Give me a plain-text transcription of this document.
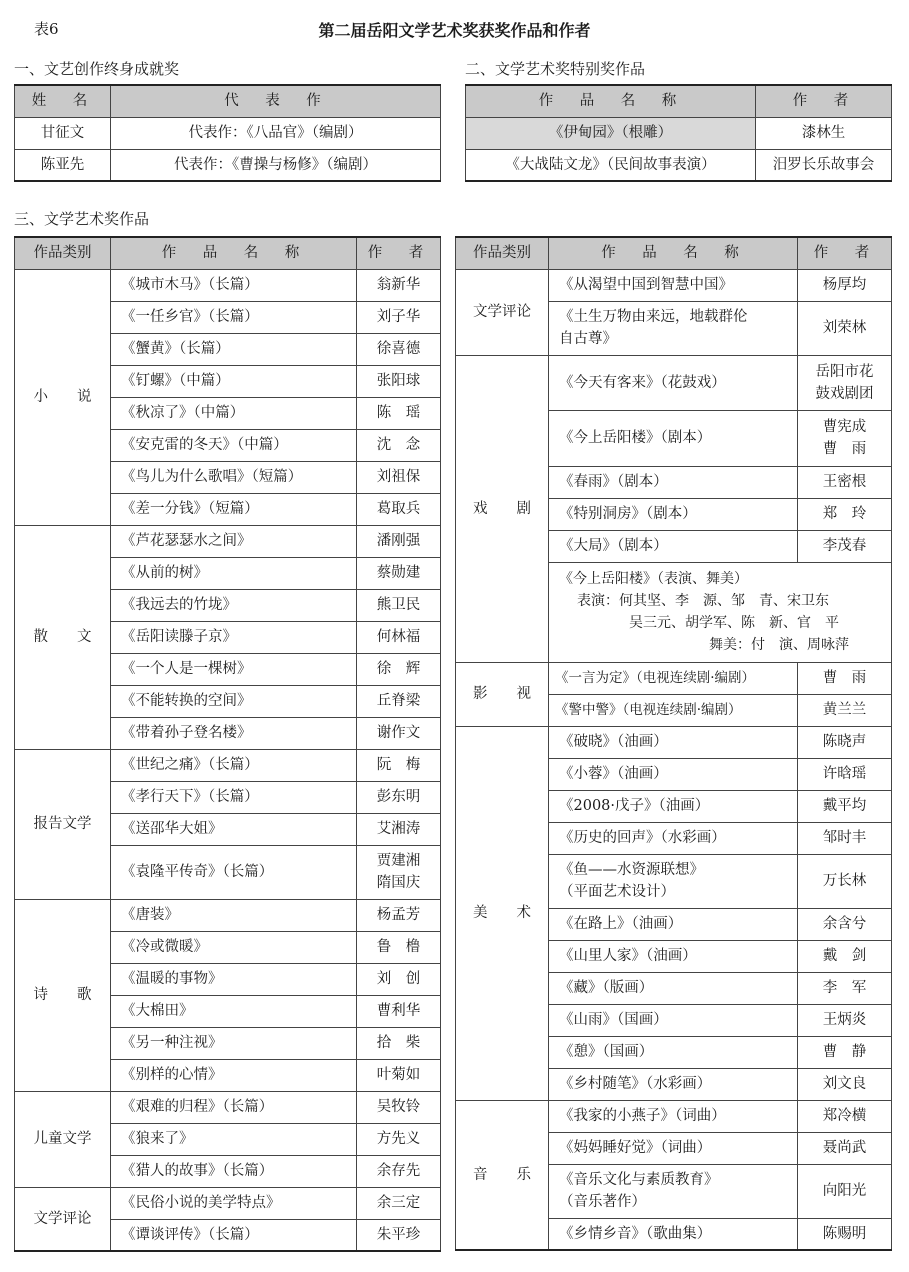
表6	第二届岳阳文学艺术奖获奖作品和作者
一、文艺创作终身成就奖
姓　名	代　表　作
甘征文	代表作：《八品官》（编剧）
陈亚先	代表作：《曹操与杨修》（编剧）
二、文学艺术奖特别奖作品
作　品　名　称	作　者
《伊甸园》（根雕）	漆林生
《大战陆文龙》（民间故事表演）	汨罗长乐故事会
三、文学艺术奖作品
作品类别	作　品　名　称	作　者
小　　说	《城市木马》（长篇）	翁新华
	《一任乡官》（长篇）	刘子华
	《蟹黄》（长篇）	徐喜德
	《钉螺》（中篇）	张阳球
	《秋凉了》（中篇）	陈　瑶
	《安克雷的冬天》（中篇）	沈　念
	《鸟儿为什么歌唱》（短篇）	刘祖保
	《差一分钱》（短篇）	葛取兵
散　　文	《芦花瑟瑟水之间》	潘刚强
	《从前的树》	蔡勋建
	《我远去的竹垅》	熊卫民
	《岳阳读滕子京》	何林福
	《一个人是一棵树》	徐　辉
	《不能转换的空间》	丘脊梁
	《带着孙子登名楼》	谢作文
报告文学	《世纪之痛》（长篇）	阮　梅
	《孝行天下》（长篇）	彭东明
	《送邵华大姐》	艾湘涛
	《袁隆平传奇》（长篇）	贾建湘
隋国庆

诗　　歌	《唐装》	杨孟芳
	《冷或微暖》	鲁　橹
	《温暖的事物》	刘　创
	《大棉田》	曹利华
	《另一种注视》	拾　柴
	《别样的心情》	叶菊如
儿童文学	《艰难的归程》（长篇）	吴牧铃
	《狼来了》	方先义
	《猎人的故事》（长篇）	余存先
文学评论	《民俗小说的美学特点》	余三定
	《谭谈评传》（长篇）	朱平珍
作品类别	作　品　名　称	作　者
文学评论	《从渴望中国到智慧中国》	杨厚均

	《土生万物由来远，地载群伦
自古尊》	刘荣林
戏　　剧	《今天有客来》（花鼓戏）	岳阳市花
鼓戏剧团

	《今上岳阳楼》（剧本）	曹宪成
曹　雨

	《春雨》（剧本）	王密根
	《特别洞房》（剧本）	郑　玲
	《大局》（剧本）	李茂春

	《今上岳阳楼》（表演、舞美）
表演：何其坚、李　源、邹　青、宋卫东
吴三元、胡学军、陈　新、官　平
舞美：付　演、周咏萍	

影　　视	《一言为定》（电视连续剧·编剧）	曹　雨
	《警中警》（电视连续剧·编剧）	黄兰兰
美　　术	《破晓》（油画）	陈晓声
	《小蓉》（油画）	许晗瑶
	《2008·戊子》（油画）	戴平均
	《历史的回声》（水彩画）	邹时丰

	《鱼——水资源联想》
（平面艺术设计）	万长林
	《在路上》（油画）	余含兮
	《山里人家》（油画）	戴　剑
	《藏》（版画）	李　军
	《山雨》（国画）	王炳炎
	《憩》（国画）	曹　静
	《乡村随笔》（水彩画）	刘文良
音　　乐	《我家的小燕子》（词曲）	郑冷横
	《妈妈睡好觉》（词曲）	聂尚武

	《音乐文化与素质教育》
（音乐著作）	向阳光
	《乡情乡音》（歌曲集）	陈赐明
